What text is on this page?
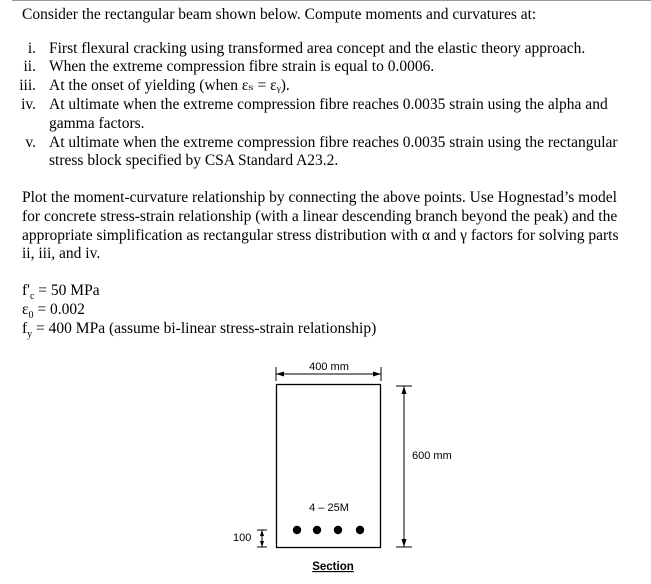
Consider the rectangular beam shown below. Compute moments and curvatures at:
i. First flexural cracking using transformed area concept and the elastic theory approach.
ii. When the extreme compression fibre strain is equal to 0.0006.
iii. At the onset of yielding (when εₛ = εᵧ).
iv. At ultimate when the extreme compression fibre reaches 0.0035 strain using the alpha and
gamma factors.
v. At ultimate when the extreme compression fibre reaches 0.0035 strain using the rectangular
stress block specified by CSA Standard A23.2.
Plot the moment-curvature relationship by connecting the above points. Use Hognestad’s model
for concrete stress-strain relationship (with a linear descending branch beyond the peak) and the
appropriate simplification as rectangular stress distribution with α and γ factors for solving parts
ii, iii, and iv.
$f'_c = 50$ MPa
$\varepsilon_0 = 0.002$
$f_y = 400$ MPa (assume bi-linear stress-strain relationship)
400 mm
600 mm
4 – 25M
100
Section
